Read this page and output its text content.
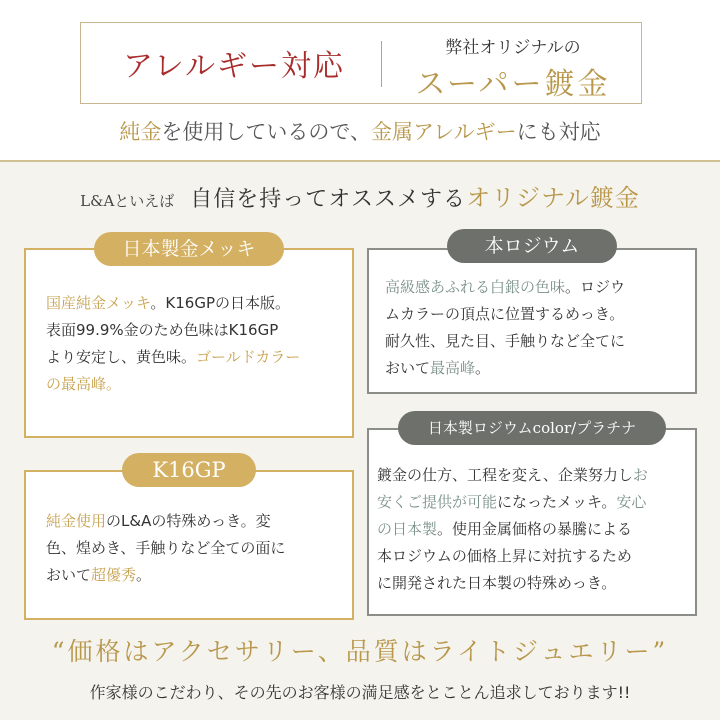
アレルギー対応
弊社オリジナルの
スーパー鍍金
純金を使用しているので、金属アレルギーにも対応
L&Aといえば 自信を持ってオススメするオリジナル鍍金
国産純金メッキ。K16GPの日本版。
表面99.9%金のため色味はK16GP
より安定し、黄色味。ゴールドカラー
の最高峰。
日本製金メッキ
純金使用のL&Aの特殊めっき。変
色、煌めき、手触りなど全ての面に
おいて超優秀。
K16GP
高級感あふれる白銀の色味。ロジウ
ムカラーの頂点に位置するめっき。
耐久性、見た目、手触りなど全てに
おいて最高峰。
本ロジウム
鍍金の仕方、工程を変え、企業努力しお
安くご提供が可能になったメッキ。安心
の日本製。使用金属価格の暴騰による
本ロジウムの価格上昇に対抗するため
に開発された日本製の特殊めっき。
日本製ロジウムcolor/プラチナ
“価格はアクセサリー、品質はライトジュエリー”
作家様のこだわり、その先のお客様の満足感をとことん追求しております!!
